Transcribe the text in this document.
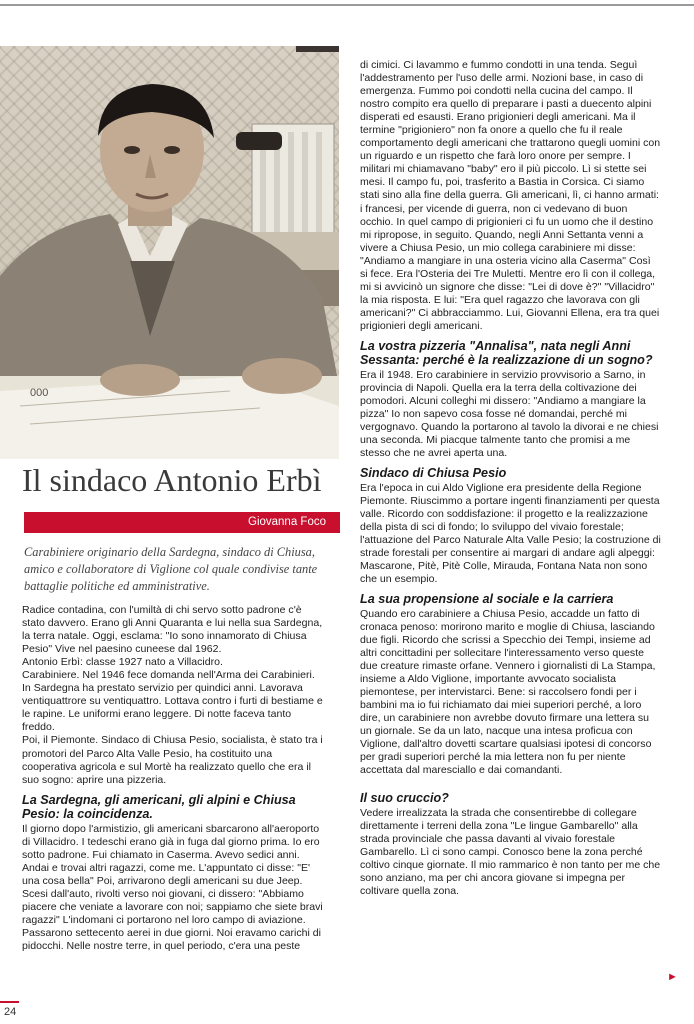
000
Il sindaco Antonio Erbì
Giovanna Foco
Carabiniere originario della Sardegna, sindaco di Chiusa, amico e collaboratore di Viglione col quale condivise tante battaglie politiche ed amministrative.

Radice contadina, con l'umiltà di chi servo sotto padrone c'è stato davvero. Erano gli Anni Quaranta e lui nella sua Sardegna, la terra natale. Oggi, esclama: "Io sono innamorato di Chiusa Pesio" Vive nel paesino cuneese dal 1962.

Antonio Erbì: classe 1927 nato a Villacidro.

Carabiniere. Nel 1946 fece domanda nell'Arma dei Carabinieri. In Sardegna ha prestato servizio per quindici anni. Lavorava ventiquattrore su ventiquattro. Lottava contro i furti di bestiame e le rapine. Le uniformi erano leggere. Di notte faceva tanto freddo.

Poi, il Piemonte. Sindaco di Chiusa Pesio, socialista, è stato tra i promotori del Parco Alta Valle Pesio, ha costituito una cooperativa agricola e sul Mortè ha realizzato quello che era il suo sogno: aprire una pizzeria.

La Sardegna, gli americani, gli alpini e Chiusa Pesio: la coincidenza.

Il giorno dopo l'armistizio, gli americani sbarcarono all'aeroporto di Villacidro. I tedeschi erano già in fuga dal giorno prima. Io ero sotto padrone. Fui chiamato in Caserma. Avevo sedici anni. Andai e trovai altri ragazzi, come me. L'appuntato ci disse: "E' una cosa bella" Poi, arrivarono degli americani su due Jeep. Scesi dall'auto, rivolti verso noi giovani, ci dissero: "Abbiamo piacere che veniate a lavorare con noi; sappiamo che siete bravi ragazzi" L'indomani ci portarono nel loro campo di aviazione. Passarono settecento aerei in due giorni. Noi eravamo carichi di pidocchi. Nelle nostre terre, in quel periodo, c'era una peste

di cimici. Ci lavammo e fummo condotti in una tenda. Seguì l'addestramento per l'uso delle armi. Nozioni base, in caso di emergenza. Fummo poi condotti nella cucina del campo. Il nostro compito era quello di preparare i pasti a duecento alpini disperati ed esausti. Erano prigionieri degli americani. Ma il termine "prigioniero" non fa onore a quello che fu il reale comportamento degli americani che trattarono quegli uomini con un riguardo e un rispetto che farà loro onore per sempre. I militari mi chiamavano "baby" ero il più piccolo. Lì si stette sei mesi. Il campo fu, poi, trasferito a Bastia in Corsica. Ci siamo stati sino alla fine della guerra. Gli americani, lì, ci hanno armati: i francesi, per vicende di guerra, non ci vedevano di buon occhio. In quel campo di prigionieri ci fu un uomo che il destino mi ripropose, in seguito. Quando, negli Anni Settanta venni a vivere a Chiusa Pesio, un mio collega carabiniere mi disse: "Andiamo a mangiare in una osteria vicino alla Caserma" Così si fece. Era l'Osteria dei Tre Muletti. Mentre ero lì con il collega, mi si avvicinò un signore che disse: "Lei di dove è?" "Villacidro" la mia risposta. E lui: "Era quel ragazzo che lavorava con gli americani?" Ci abbracciammo. Lui, Giovanni Ellena, era tra quei prigionieri degli americani.

La vostra pizzeria "Annalisa", nata negli Anni Sessanta: perché è la realizzazione di un sogno?

Era il 1948. Ero carabiniere in servizio provvisorio a Sarno, in provincia di Napoli. Quella era la terra della coltivazione dei pomodori. Alcuni colleghi mi dissero: "Andiamo a mangiare la pizza" Io non sapevo cosa fosse né domandai, perché mi vergognavo. Quando la portarono al tavolo la divorai e ne chiesi una seconda. Mi piacque talmente tanto che promisi a me stesso che ne avrei aperta una.

Sindaco di Chiusa Pesio

Era l'epoca in cui Aldo Viglione era presidente della Regione Piemonte. Riuscimmo a portare ingenti finanziamenti per questa valle. Ricordo con soddisfazione: il progetto e la realizzazione della pista di sci di fondo; lo sviluppo del vivaio forestale; l'attuazione del Parco Naturale Alta Valle Pesio; la costruzione di strade forestali per consentire ai margari di andare agli alpeggi: Mascarone, Pitè, Pitè Colle, Mirauda, Fontana Nata non sono che un esempio.

La sua propensione al sociale e la carriera

Quando ero carabiniere a Chiusa Pesio, accadde un fatto di cronaca penoso: morirono marito e moglie di Chiusa, lasciando due figli. Ricordo che scrissi a Specchio dei Tempi, insieme ad altri concittadini per sollecitare l'interessamento verso queste due creature rimaste orfane. Vennero i giornalisti di La Stampa, insieme a Aldo Viglione, importante avvocato socialista piemontese, per intervistarci. Bene: si raccolsero fondi per i bambini ma io fui richiamato dai miei superiori perché, a loro dire, un carabiniere non avrebbe dovuto firmare una lettera su un giornale. Se da un lato, nacque una intesa proficua con Viglione, dall'altro dovetti scartare qualsiasi ipotesi di concorso per gradi superiori perché la mia lettera non fu per niente accettata dal maresciallo e dai comandanti.

Il suo cruccio?

Vedere irrealizzata la strada che consentirebbe di collegare direttamente i terreni della zona "Le lingue Gambarello" alla strada provinciale che passa davanti al vivaio forestale Gambarello. Lì ci sono campi. Conosco bene la zona perché coltivo cinque giornate. Il mio rammarico è non tanto per me che sono anziano, ma per chi ancora giovane si impegna per coltivare quella zona.

24
►
